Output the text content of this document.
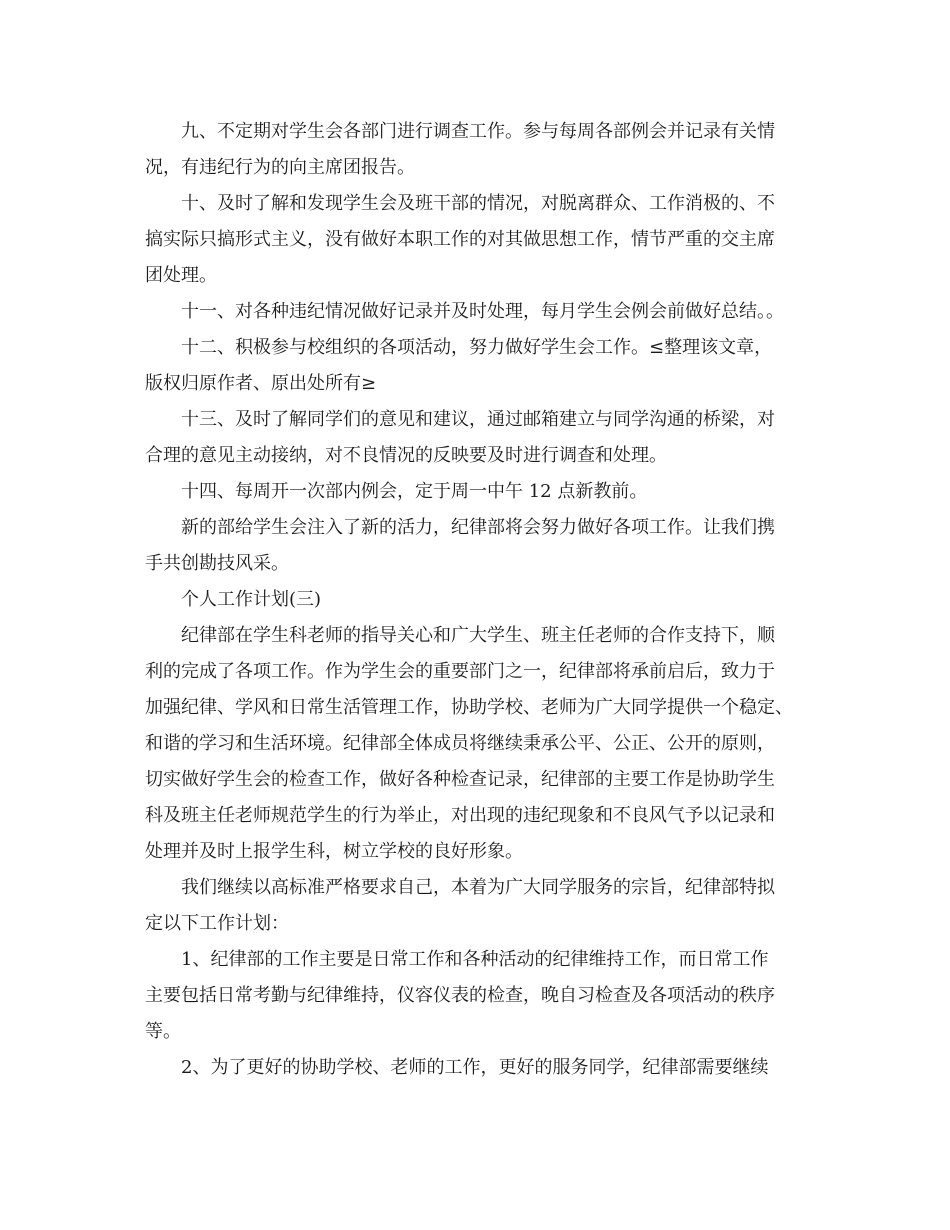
九、不定期对学生会各部门进行调查工作。参与每周各部例会并记录有关情
况，有违纪行为的向主席团报告。
十、及时了解和发现学生会及班干部的情况，对脱离群众、工作消极的、不
搞实际只搞形式主义，没有做好本职工作的对其做思想工作，情节严重的交主席
团处理。
十一、对各种违纪情况做好记录并及时处理，每月学生会例会前做好总结。。
十二、积极参与校组织的各项活动，努力做好学生会工作。≤整理该文章，
版权归原作者、原出处所有≥
十三、及时了解同学们的意见和建议，通过邮箱建立与同学沟通的桥梁，对
合理的意见主动接纳，对不良情况的反映要及时进行调查和处理。
十四、每周开一次部内例会，定于周一中午 12 点新教前。
新的部给学生会注入了新的活力，纪律部将会努力做好各项工作。让我们携
手共创勘技风采。
个人工作计划(三)
纪律部在学生科老师的指导关心和广大学生、班主任老师的合作支持下，顺
利的完成了各项工作。作为学生会的重要部门之一，纪律部将承前启后，致力于
加强纪律、学风和日常生活管理工作，协助学校、老师为广大同学提供一个稳定、
和谐的学习和生活环境。纪律部全体成员将继续秉承公平、公正、公开的原则，
切实做好学生会的检查工作，做好各种检查记录，纪律部的主要工作是协助学生
科及班主任老师规范学生的行为举止，对出现的违纪现象和不良风气予以记录和
处理并及时上报学生科，树立学校的良好形象。
我们继续以高标准严格要求自己，本着为广大同学服务的宗旨，纪律部特拟
定以下工作计划：
1、纪律部的工作主要是日常工作和各种活动的纪律维持工作，而日常工作
主要包括日常考勤与纪律维持，仪容仪表的检查，晚自习检查及各项活动的秩序
等。
2、为了更好的协助学校、老师的工作，更好的服务同学，纪律部需要继续
